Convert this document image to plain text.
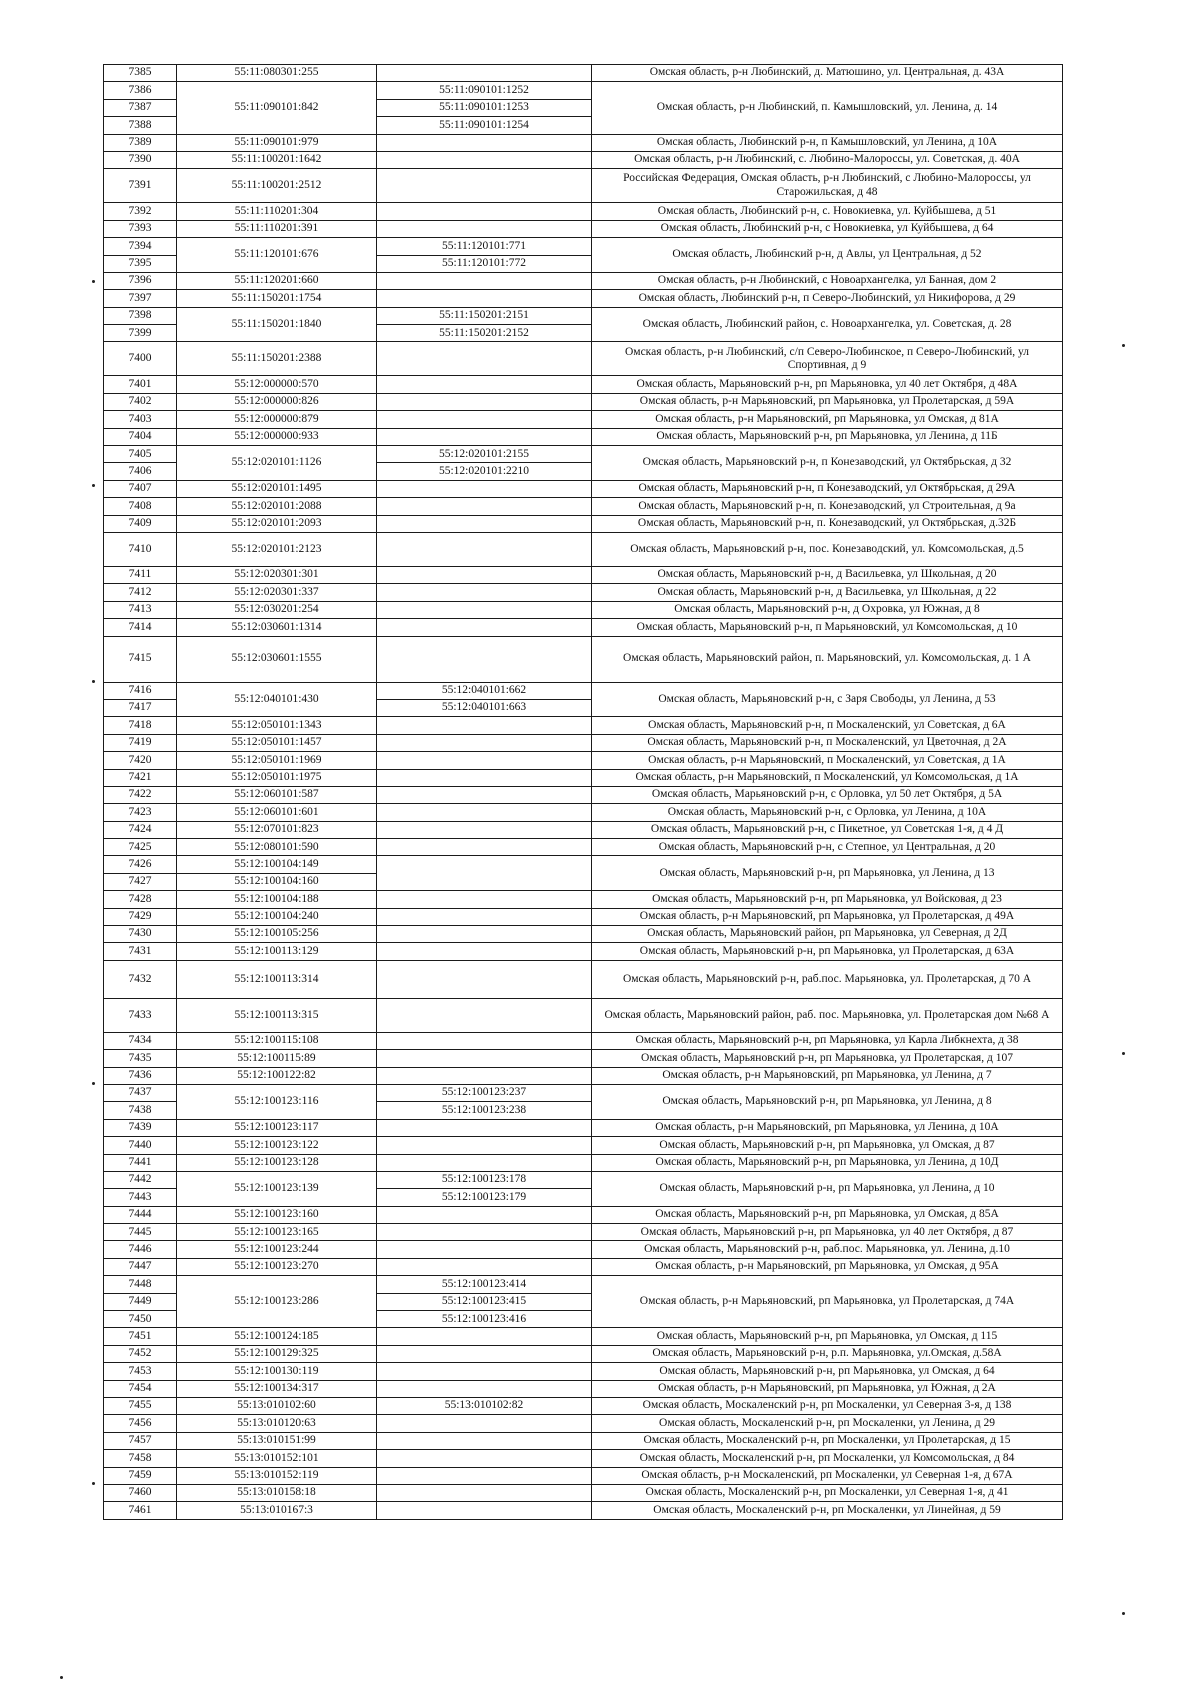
7385	55:11:080301:255		Омская область, р-н Любинский, д. Матюшино, ул. Центральная, д. 43А
7386	55:11:090101:842	55:11:090101:1252	Омская область, р-н Любинский, п. Камышловский, ул. Ленина, д. 14
7387		55:11:090101:1253	
7388		55:11:090101:1254	
7389	55:11:090101:979		Омская область, Любинский р-н, п Камышловский, ул Ленина, д 10А
7390	55:11:100201:1642		Омская область, р-н Любинский, с. Любино-Малороссы, ул. Советская, д. 40А
7391	55:11:100201:2512		Российская Федерация, Омская область, р-н Любинский, с Любино-Малороссы, ул Старожильская, д 48
7392	55:11:110201:304		Омская область, Любинский р-н, с. Новокиевка, ул. Куйбышева, д 51
7393	55:11:110201:391		Омская область, Любинский р-н, с Новокиевка, ул Куйбышева, д 64
7394	55:11:120101:676	55:11:120101:771	Омская область, Любинский р-н, д Авлы, ул Центральная, д 52
7395		55:11:120101:772	
7396	55:11:120201:660		Омская область, р-н Любинский, с Новоархангелка, ул Банная, дом 2
7397	55:11:150201:1754		Омская область, Любинский р-н, п Северо-Любинский, ул Никифорова, д 29
7398	55:11:150201:1840	55:11:150201:2151	Омская область, Любинский район, с. Новоархангелка, ул. Советская, д. 28
7399		55:11:150201:2152	
7400	55:11:150201:2388		Омская область, р-н Любинский, с/п Северо-Любинское, п Северо-Любинский, ул Спортивная, д 9
7401	55:12:000000:570		Омская область, Марьяновский р-н, рп Марьяновка, ул 40 лет Октября, д 48А
7402	55:12:000000:826		Омская область, р-н Марьяновский, рп Марьяновка, ул Пролетарская, д 59А
7403	55:12:000000:879		Омская область, р-н Марьяновский, рп Марьяновка, ул Омская, д 81А
7404	55:12:000000:933		Омская область, Марьяновский р-н, рп Марьяновка, ул Ленина, д 11Б
7405	55:12:020101:1126	55:12:020101:2155	Омская область, Марьяновский р-н, п Конезаводский, ул Октябрьская, д 32
7406		55:12:020101:2210	
7407	55:12:020101:1495		Омская область, Марьяновский р-н, п Конезаводский, ул Октябрьская, д 29А
7408	55:12:020101:2088		Омская область, Марьяновский р-н, п. Конезаводский, ул Строительная, д 9а
7409	55:12:020101:2093		Омская область, Марьяновский р-н, п. Конезаводский, ул Октябрьская, д.32Б
7410	55:12:020101:2123		Омская область, Марьяновский р-н, пос. Конезаводский, ул. Комсомольская, д.5
7411	55:12:020301:301		Омская область, Марьяновский р-н, д Васильевка, ул Школьная, д 20
7412	55:12:020301:337		Омская область, Марьяновский р-н, д Васильевка, ул Школьная, д 22
7413	55:12:030201:254		Омская область, Марьяновский р-н, д Охровка, ул Южная, д 8
7414	55:12:030601:1314		Омская область, Марьяновский р-н, п Марьяновский, ул Комсомольская, д 10
7415	55:12:030601:1555		Омская область, Марьяновский район, п. Марьяновский, ул. Комсомольская, д. 1 А
7416	55:12:040101:430	55:12:040101:662	Омская область, Марьяновский р-н, с Заря Свободы, ул Ленина, д 53
7417		55:12:040101:663	
7418	55:12:050101:1343		Омская область, Марьяновский р-н, п Москаленский, ул Советская, д 6А
7419	55:12:050101:1457		Омская область, Марьяновский р-н, п Москаленский, ул Цветочная, д 2А
7420	55:12:050101:1969		Омская область, р-н Марьяновский, п Москаленский, ул Советская, д 1А
7421	55:12:050101:1975		Омская область, р-н Марьяновский, п Москаленский, ул Комсомольская, д 1А
7422	55:12:060101:587		Омская область, Марьяновский р-н, с Орловка, ул 50 лет Октября, д 5А
7423	55:12:060101:601		Омская область, Марьяновский р-н, с Орловка, ул Ленина, д 10А
7424	55:12:070101:823		Омская область, Марьяновский р-н, с Пикетное, ул Советская 1-я, д 4 Д
7425	55:12:080101:590		Омская область, Марьяновский р-н, с Степное, ул Центральная, д 20
7426	55:12:100104:149		Омская область, Марьяновский р-н, рп Марьяновка, ул Ленина, д 13
7427	55:12:100104:160		
7428	55:12:100104:188		Омская область, Марьяновский р-н, рп Марьяновка, ул Войсковая, д 23
7429	55:12:100104:240		Омская область, р-н Марьяновский, рп Марьяновка, ул Пролетарская, д 49А
7430	55:12:100105:256		Омская область, Марьяновский район, рп Марьяновка, ул Северная, д 2Д
7431	55:12:100113:129		Омская область, Марьяновский р-н, рп Марьяновка, ул Пролетарская, д 63А
7432	55:12:100113:314		Омская область, Марьяновский р-н, раб.пос. Марьяновка, ул. Пролетарская, д 70 А
7433	55:12:100113:315		Омская область, Марьяновский район, раб. пос. Марьяновка, ул. Пролетарская дом №68 А
7434	55:12:100115:108		Омская область, Марьяновский р-н, рп Марьяновка, ул Карла Либкнехта, д 38
7435	55:12:100115:89		Омская область, Марьяновский р-н, рп Марьяновка, ул Пролетарская, д 107
7436	55:12:100122:82		Омская область, р-н Марьяновский, рп Марьяновка, ул Ленина, д 7
7437	55:12:100123:116	55:12:100123:237	Омская область, Марьяновский р-н, рп Марьяновка, ул Ленина, д 8
7438		55:12:100123:238	
7439	55:12:100123:117		Омская область, р-н Марьяновский, рп Марьяновка, ул Ленина, д 10А
7440	55:12:100123:122		Омская область, Марьяновский р-н, рп Марьяновка, ул Омская, д 87
7441	55:12:100123:128		Омская область, Марьяновский р-н, рп Марьяновка, ул Ленина, д 10Д
7442	55:12:100123:139	55:12:100123:178	Омская область, Марьяновский р-н, рп Марьяновка, ул Ленина, д 10
7443		55:12:100123:179	
7444	55:12:100123:160		Омская область, Марьяновский р-н, рп Марьяновка, ул Омская, д 85А
7445	55:12:100123:165		Омская область, Марьяновский р-н, рп Марьяновка, ул 40 лет Октября, д 87
7446	55:12:100123:244		Омская область, Марьяновский р-н, раб.пос. Марьяновка, ул. Ленина, д.10
7447	55:12:100123:270		Омская область, р-н Марьяновский, рп Марьяновка, ул Омская, д 95А
7448	55:12:100123:286	55:12:100123:414	Омская область, р-н Марьяновский, рп Марьяновка, ул Пролетарская, д 74А
7449		55:12:100123:415	
7450		55:12:100123:416	
7451	55:12:100124:185		Омская область, Марьяновский р-н, рп Марьяновка, ул Омская, д 115
7452	55:12:100129:325		Омская область, Марьяновский р-н, р.п. Марьяновка, ул.Омская, д.58А
7453	55:12:100130:119		Омская область, Марьяновский р-н, рп Марьяновка, ул Омская, д 64
7454	55:12:100134:317		Омская область, р-н Марьяновский, рп Марьяновка, ул Южная, д 2А
7455	55:13:010102:60	55:13:010102:82	Омская область, Москаленский р-н, рп Москаленки, ул Северная 3-я, д 138
7456	55:13:010120:63		Омская область, Москаленский р-н, рп Москаленки, ул Ленина, д 29
7457	55:13:010151:99		Омская область, Москаленский р-н, рп Москаленки, ул Пролетарская, д 15
7458	55:13:010152:101		Омская область, Москаленский р-н, рп Москаленки, ул Комсомольская, д 84
7459	55:13:010152:119		Омская область, р-н Москаленский, рп Москаленки, ул Северная 1-я, д 67А
7460	55:13:010158:18		Омская область, Москаленский р-н, рп Москаленки, ул Северная 1-я, д 41
7461	55:13:010167:3		Омская область, Москаленский р-н, рп Москаленки, ул Линейная, д 59
